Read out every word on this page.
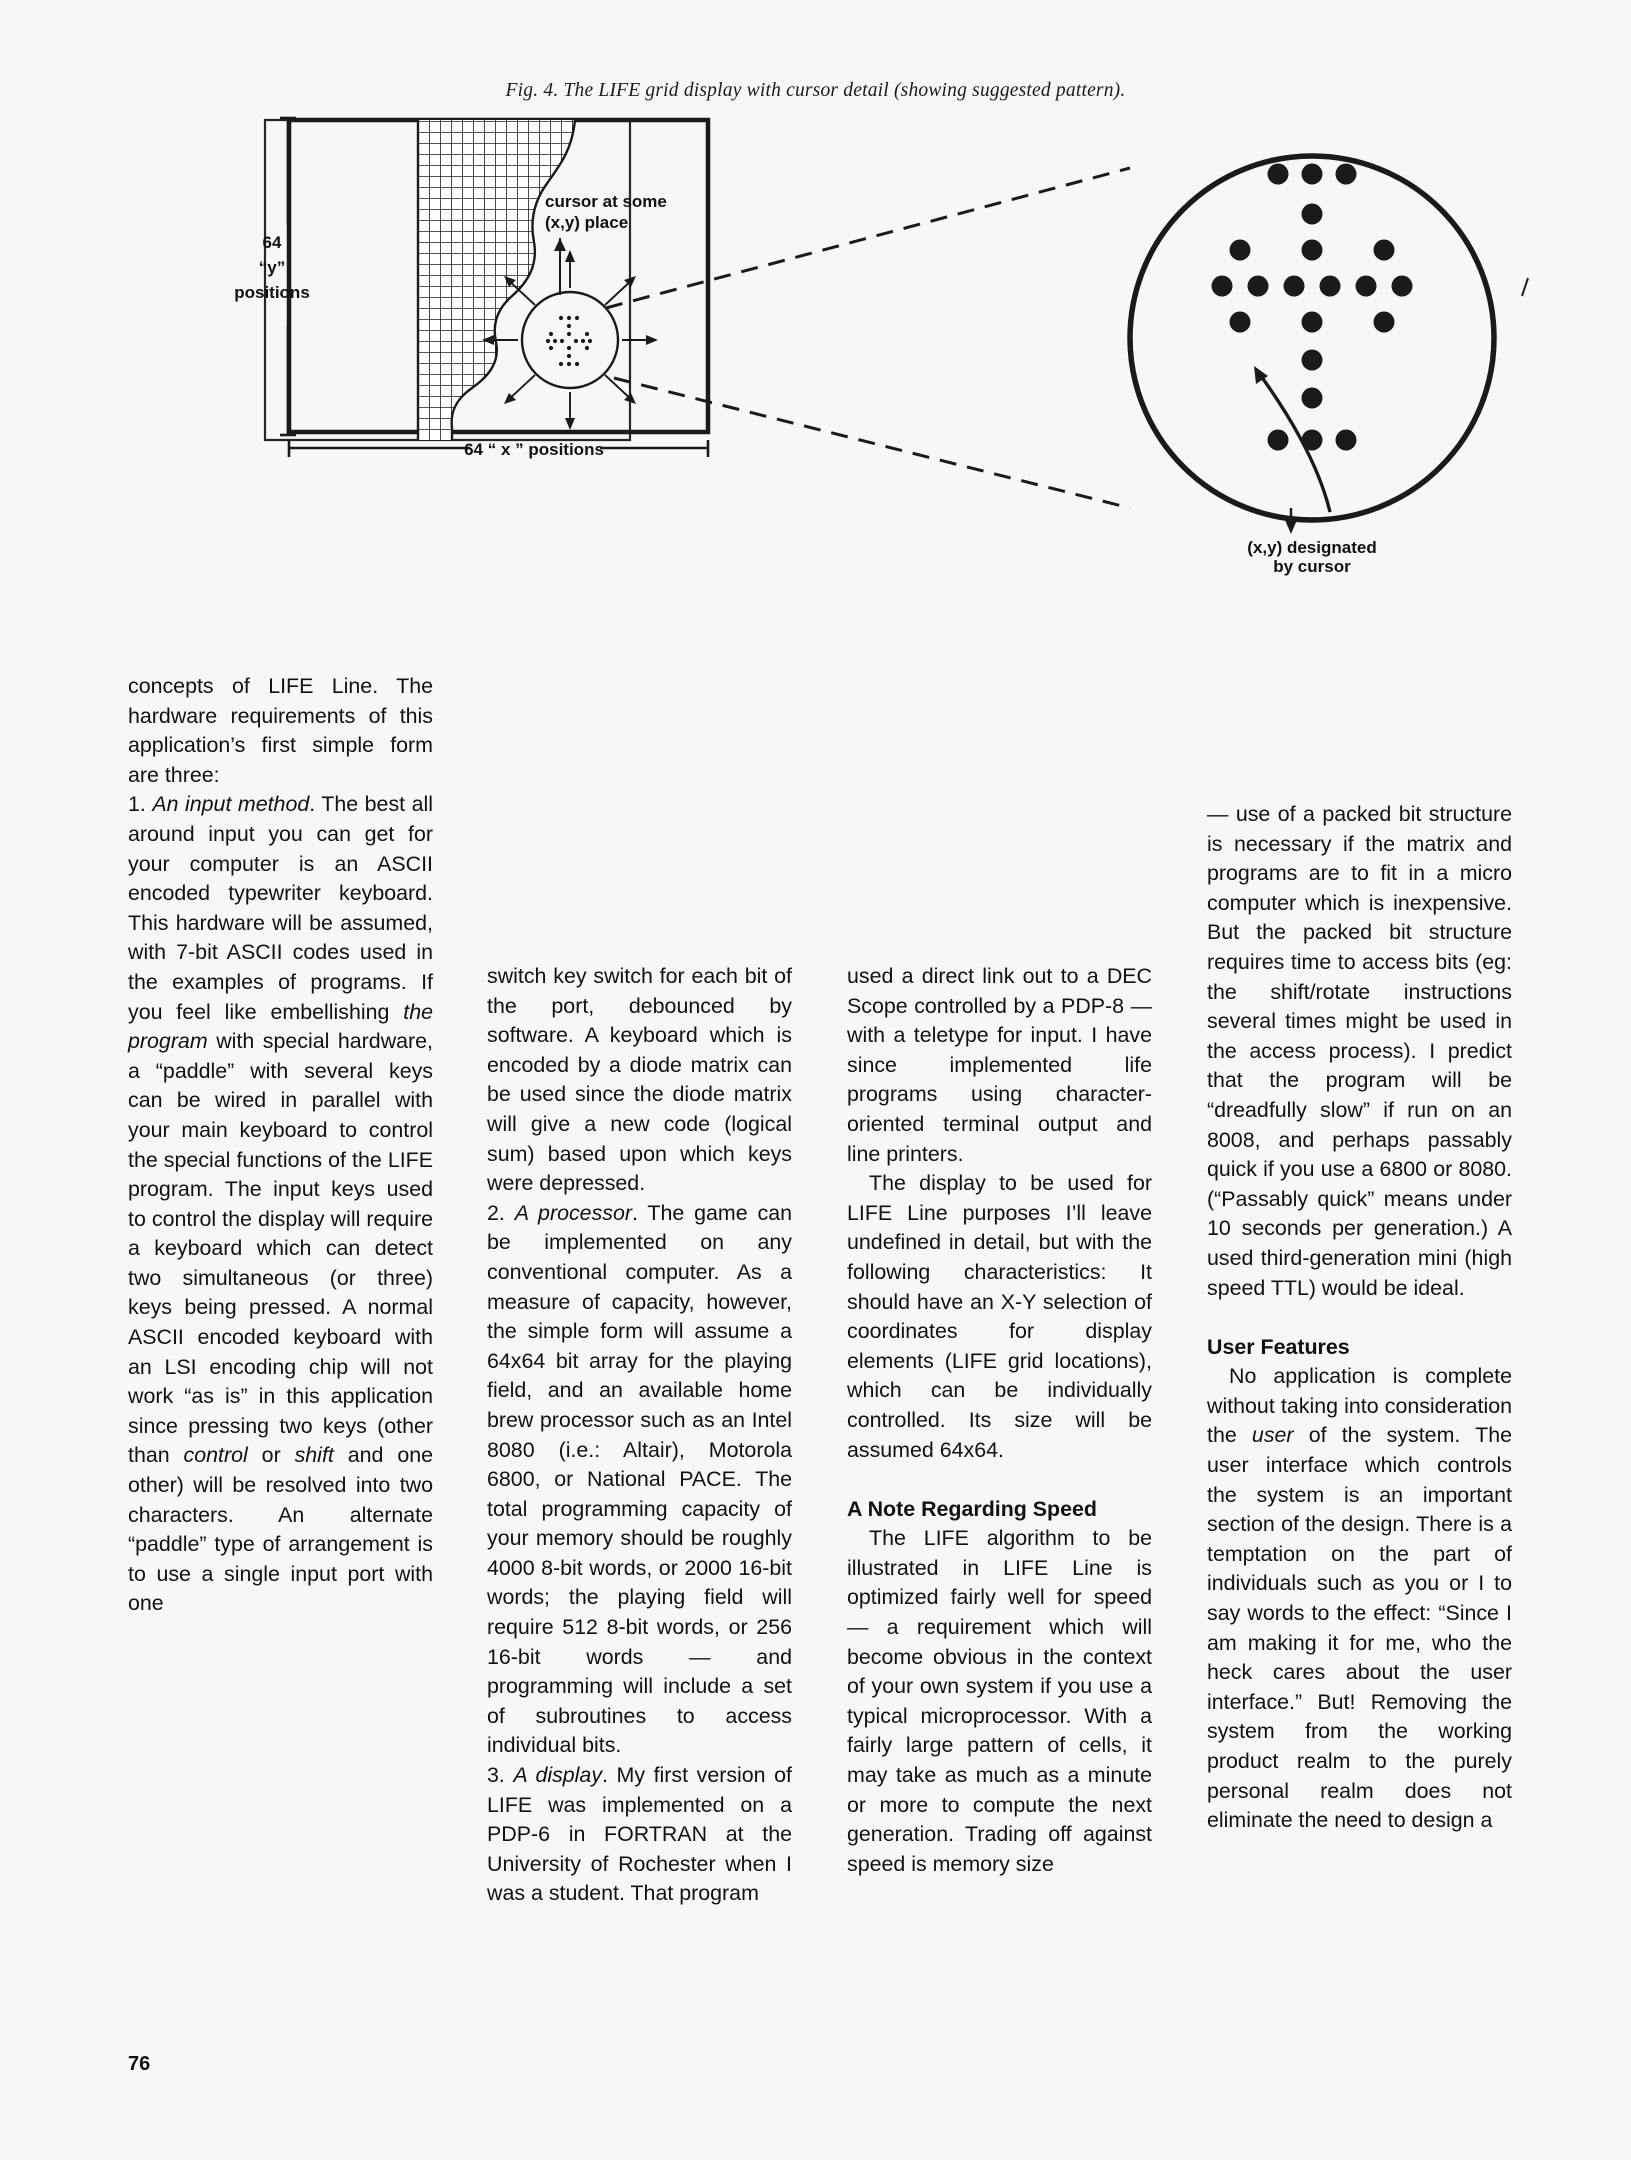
Fig. 4. The LIFE grid display with cursor detail (showing suggested pattern).
64
“y”
positions
64 “ x ” positions
cursor at some
(x,y) place
(x,y) designated
by cursor

concepts of LIFE Line. The hardware requirements of this application’s first simple form are three:

1. An input method. The best all around input you can get for your computer is an ASCII encoded typewriter keyboard. This hardware will be assumed, with 7-bit ASCII codes used in the examples of programs. If you feel like embellishing the program with special hardware, a “paddle” with several keys can be wired in parallel with your main keyboard to control the special functions of the LIFE program. The input keys used to control the display will require a keyboard which can detect two simultaneous (or three) keys being pressed. A normal ASCII encoded keyboard with an LSI encoding chip will not work “as is” in this application since pressing two keys (other than control or shift and one other) will be resolved into two characters. An alternate “paddle” type of arrangement is to use a single input port with one

switch key switch for each bit of the port, debounced by software. A keyboard which is encoded by a diode matrix can be used since the diode matrix will give a new code (logical sum) based upon which keys were depressed.

2. A processor. The game can be implemented on any conventional computer. As a measure of capacity, however, the simple form will assume a 64x64 bit array for the playing field, and an available home brew processor such as an Intel 8080 (i.e.: Altair), Motorola 6800, or National PACE. The total programming capacity of your memory should be roughly 4000 8-bit words, or 2000 16-bit words; the playing field will require 512 8-bit words, or 256 16-bit words — and programming will include a set of subroutines to access individual bits.

3. A display. My first version of LIFE was implemented on a PDP-6 in FORTRAN at the University of Rochester when I was a student. That program

used a direct link out to a DEC Scope controlled by a PDP-8 — with a teletype for input. I have since implemented life programs using character-oriented terminal output and line printers.

The display to be used for LIFE Line purposes I’ll leave undefined in detail, but with the following characteristics: It should have an X-Y selection of coordinates for display elements (LIFE grid locations), which can be individually controlled. Its size will be assumed 64x64.

A Note Regarding Speed

The LIFE algorithm to be illustrated in LIFE Line is optimized fairly well for speed — a requirement which will become obvious in the context of your own system if you use a typical microprocessor. With a fairly large pattern of cells, it may take as much as a minute or more to compute the next generation. Trading off against speed is memory size

— use of a packed bit structure is necessary if the matrix and programs are to fit in a micro computer which is inexpensive. But the packed bit structure requires time to access bits (eg: the shift/rotate instructions several times might be used in the access process). I predict that the program will be “dreadfully slow” if run on an 8008, and perhaps passably quick if you use a 6800 or 8080. (“Passably quick” means under 10 seconds per generation.) A used third-generation mini (high speed TTL) would be ideal.

User Features

No application is complete without taking into consideration the user of the system. The user interface which controls the system is an important section of the design. There is a temptation on the part of individuals such as you or I to say words to the effect: “Since I am making it for me, who the heck cares about the user interface.” But! Removing the system from the working product realm to the purely personal realm does not eliminate the need to design a

76
